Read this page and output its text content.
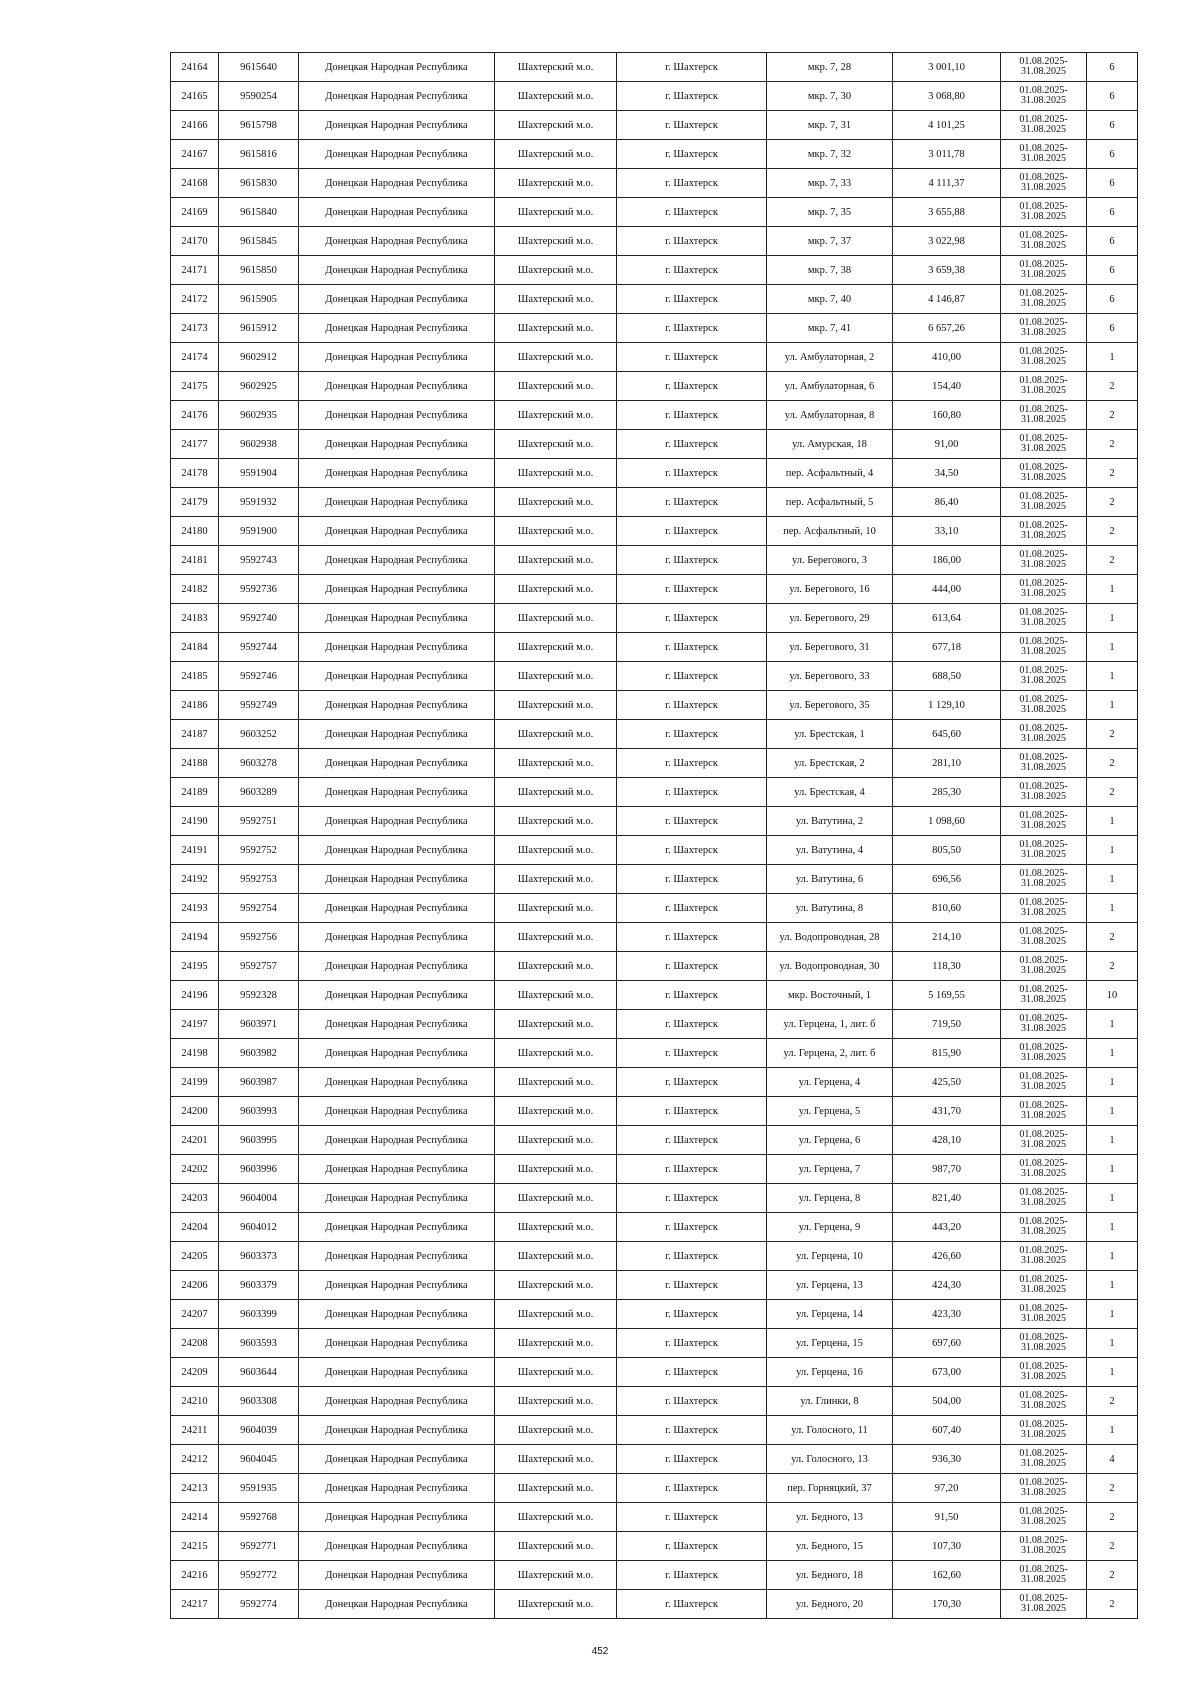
24164	9615640	Донецкая Народная Республика	Шахтерский м.о.	г. Шахтерск	мкр. 7, 28	3 001,10	01.08.2025- 31.08.2025	6
24165	9590254	Донецкая Народная Республика	Шахтерский м.о.	г. Шахтерск	мкр. 7, 30	3 068,80	01.08.2025- 31.08.2025	6
24166	9615798	Донецкая Народная Республика	Шахтерский м.о.	г. Шахтерск	мкр. 7, 31	4 101,25	01.08.2025- 31.08.2025	6
24167	9615816	Донецкая Народная Республика	Шахтерский м.о.	г. Шахтерск	мкр. 7, 32	3 011,78	01.08.2025- 31.08.2025	6
24168	9615830	Донецкая Народная Республика	Шахтерский м.о.	г. Шахтерск	мкр. 7, 33	4 111,37	01.08.2025- 31.08.2025	6
24169	9615840	Донецкая Народная Республика	Шахтерский м.о.	г. Шахтерск	мкр. 7, 35	3 655,88	01.08.2025- 31.08.2025	6
24170	9615845	Донецкая Народная Республика	Шахтерский м.о.	г. Шахтерск	мкр. 7, 37	3 022,98	01.08.2025- 31.08.2025	6
24171	9615850	Донецкая Народная Республика	Шахтерский м.о.	г. Шахтерск	мкр. 7, 38	3 659,38	01.08.2025- 31.08.2025	6
24172	9615905	Донецкая Народная Республика	Шахтерский м.о.	г. Шахтерск	мкр. 7, 40	4 146,87	01.08.2025- 31.08.2025	6
24173	9615912	Донецкая Народная Республика	Шахтерский м.о.	г. Шахтерск	мкр. 7, 41	6 657,26	01.08.2025- 31.08.2025	6
24174	9602912	Донецкая Народная Республика	Шахтерский м.о.	г. Шахтерск	ул. Амбулаторная, 2	410,00	01.08.2025- 31.08.2025	1
24175	9602925	Донецкая Народная Республика	Шахтерский м.о.	г. Шахтерск	ул. Амбулаторная, 6	154,40	01.08.2025- 31.08.2025	2
24176	9602935	Донецкая Народная Республика	Шахтерский м.о.	г. Шахтерск	ул. Амбулаторная, 8	160,80	01.08.2025- 31.08.2025	2
24177	9602938	Донецкая Народная Республика	Шахтерский м.о.	г. Шахтерск	ул. Амурская, 18	91,00	01.08.2025- 31.08.2025	2
24178	9591904	Донецкая Народная Республика	Шахтерский м.о.	г. Шахтерск	пер. Асфальтный, 4	34,50	01.08.2025- 31.08.2025	2
24179	9591932	Донецкая Народная Республика	Шахтерский м.о.	г. Шахтерск	пер. Асфальтный, 5	86,40	01.08.2025- 31.08.2025	2
24180	9591900	Донецкая Народная Республика	Шахтерский м.о.	г. Шахтерск	пер. Асфальтный, 10	33,10	01.08.2025- 31.08.2025	2
24181	9592743	Донецкая Народная Республика	Шахтерский м.о.	г. Шахтерск	ул. Берегового, 3	186,00	01.08.2025- 31.08.2025	2
24182	9592736	Донецкая Народная Республика	Шахтерский м.о.	г. Шахтерск	ул. Берегового, 16	444,00	01.08.2025- 31.08.2025	1
24183	9592740	Донецкая Народная Республика	Шахтерский м.о.	г. Шахтерск	ул. Берегового, 29	613,64	01.08.2025- 31.08.2025	1
24184	9592744	Донецкая Народная Республика	Шахтерский м.о.	г. Шахтерск	ул. Берегового, 31	677,18	01.08.2025- 31.08.2025	1
24185	9592746	Донецкая Народная Республика	Шахтерский м.о.	г. Шахтерск	ул. Берегового, 33	688,50	01.08.2025- 31.08.2025	1
24186	9592749	Донецкая Народная Республика	Шахтерский м.о.	г. Шахтерск	ул. Берегового, 35	1 129,10	01.08.2025- 31.08.2025	1
24187	9603252	Донецкая Народная Республика	Шахтерский м.о.	г. Шахтерск	ул. Брестская, 1	645,60	01.08.2025- 31.08.2025	2
24188	9603278	Донецкая Народная Республика	Шахтерский м.о.	г. Шахтерск	ул. Брестская, 2	281,10	01.08.2025- 31.08.2025	2
24189	9603289	Донецкая Народная Республика	Шахтерский м.о.	г. Шахтерск	ул. Брестская, 4	285,30	01.08.2025- 31.08.2025	2
24190	9592751	Донецкая Народная Республика	Шахтерский м.о.	г. Шахтерск	ул. Ватутина, 2	1 098,60	01.08.2025- 31.08.2025	1
24191	9592752	Донецкая Народная Республика	Шахтерский м.о.	г. Шахтерск	ул. Ватутина, 4	805,50	01.08.2025- 31.08.2025	1
24192	9592753	Донецкая Народная Республика	Шахтерский м.о.	г. Шахтерск	ул. Ватутина, 6	696,56	01.08.2025- 31.08.2025	1
24193	9592754	Донецкая Народная Республика	Шахтерский м.о.	г. Шахтерск	ул. Ватутина, 8	810,60	01.08.2025- 31.08.2025	1
24194	9592756	Донецкая Народная Республика	Шахтерский м.о.	г. Шахтерск	ул. Водопроводная, 28	214,10	01.08.2025- 31.08.2025	2
24195	9592757	Донецкая Народная Республика	Шахтерский м.о.	г. Шахтерск	ул. Водопроводная, 30	118,30	01.08.2025- 31.08.2025	2
24196	9592328	Донецкая Народная Республика	Шахтерский м.о.	г. Шахтерск	мкр. Восточный, 1	5 169,55	01.08.2025- 31.08.2025	10
24197	9603971	Донецкая Народная Республика	Шахтерский м.о.	г. Шахтерск	ул. Герцена, 1, лит. б	719,50	01.08.2025- 31.08.2025	1
24198	9603982	Донецкая Народная Республика	Шахтерский м.о.	г. Шахтерск	ул. Герцена, 2, лит. б	815,90	01.08.2025- 31.08.2025	1
24199	9603987	Донецкая Народная Республика	Шахтерский м.о.	г. Шахтерск	ул. Герцена, 4	425,50	01.08.2025- 31.08.2025	1
24200	9603993	Донецкая Народная Республика	Шахтерский м.о.	г. Шахтерск	ул. Герцена, 5	431,70	01.08.2025- 31.08.2025	1
24201	9603995	Донецкая Народная Республика	Шахтерский м.о.	г. Шахтерск	ул. Герцена, 6	428,10	01.08.2025- 31.08.2025	1
24202	9603996	Донецкая Народная Республика	Шахтерский м.о.	г. Шахтерск	ул. Герцена, 7	987,70	01.08.2025- 31.08.2025	1
24203	9604004	Донецкая Народная Республика	Шахтерский м.о.	г. Шахтерск	ул. Герцена, 8	821,40	01.08.2025- 31.08.2025	1
24204	9604012	Донецкая Народная Республика	Шахтерский м.о.	г. Шахтерск	ул. Герцена, 9	443,20	01.08.2025- 31.08.2025	1
24205	9603373	Донецкая Народная Республика	Шахтерский м.о.	г. Шахтерск	ул. Герцена, 10	426,60	01.08.2025- 31.08.2025	1
24206	9603379	Донецкая Народная Республика	Шахтерский м.о.	г. Шахтерск	ул. Герцена, 13	424,30	01.08.2025- 31.08.2025	1
24207	9603399	Донецкая Народная Республика	Шахтерский м.о.	г. Шахтерск	ул. Герцена, 14	423,30	01.08.2025- 31.08.2025	1
24208	9603593	Донецкая Народная Республика	Шахтерский м.о.	г. Шахтерск	ул. Герцена, 15	697,60	01.08.2025- 31.08.2025	1
24209	9603644	Донецкая Народная Республика	Шахтерский м.о.	г. Шахтерск	ул. Герцена, 16	673,00	01.08.2025- 31.08.2025	1
24210	9603308	Донецкая Народная Республика	Шахтерский м.о.	г. Шахтерск	ул. Глинки, 8	504,00	01.08.2025- 31.08.2025	2
24211	9604039	Донецкая Народная Республика	Шахтерский м.о.	г. Шахтерск	ул. Голосного, 11	607,40	01.08.2025- 31.08.2025	1
24212	9604045	Донецкая Народная Республика	Шахтерский м.о.	г. Шахтерск	ул. Голосного, 13	936,30	01.08.2025- 31.08.2025	4
24213	9591935	Донецкая Народная Республика	Шахтерский м.о.	г. Шахтерск	пер. Горняцкий, 37	97,20	01.08.2025- 31.08.2025	2
24214	9592768	Донецкая Народная Республика	Шахтерский м.о.	г. Шахтерск	ул. Бедного, 13	91,50	01.08.2025- 31.08.2025	2
24215	9592771	Донецкая Народная Республика	Шахтерский м.о.	г. Шахтерск	ул. Бедного, 15	107,30	01.08.2025- 31.08.2025	2
24216	9592772	Донецкая Народная Республика	Шахтерский м.о.	г. Шахтерск	ул. Бедного, 18	162,60	01.08.2025- 31.08.2025	2
24217	9592774	Донецкая Народная Республика	Шахтерский м.о.	г. Шахтерск	ул. Бедного, 20	170,30	01.08.2025- 31.08.2025	2
452
